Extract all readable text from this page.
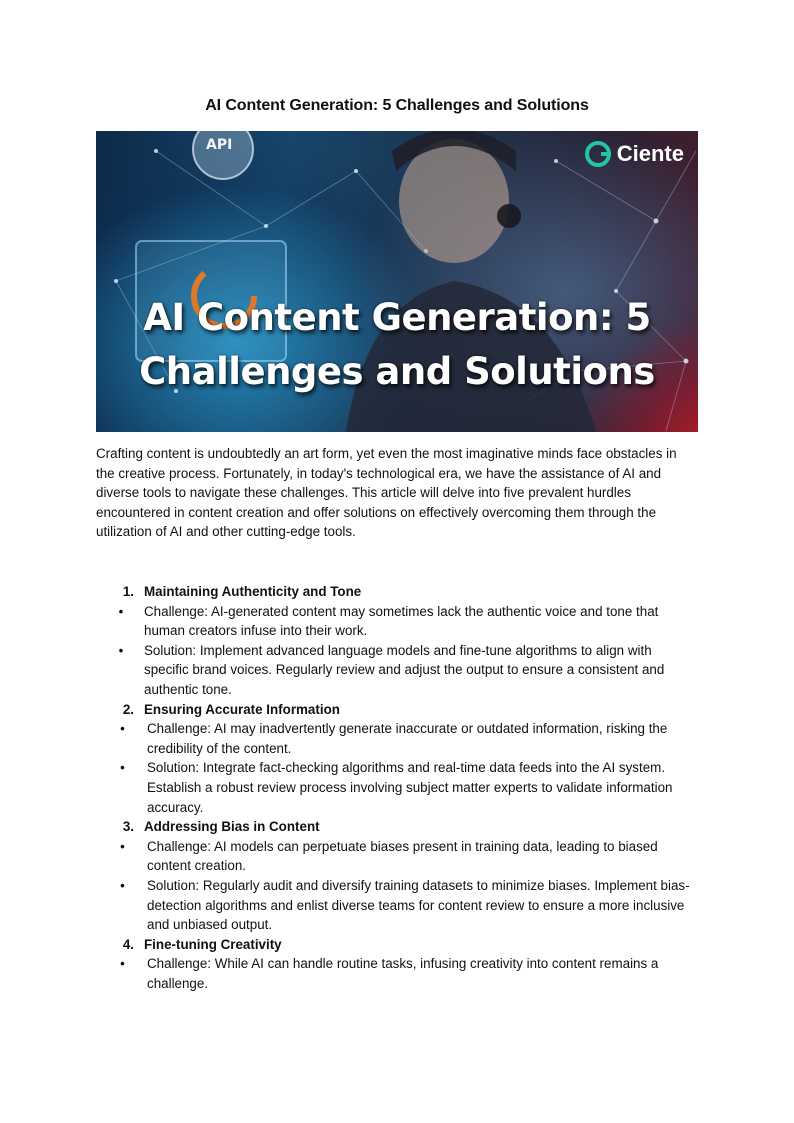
AI Content Generation: 5 Challenges and Solutions
API	Ciente
AI Content Generation: 5
Challenges and Solutions

Crafting content is undoubtedly an art form, yet even the most imaginative minds face obstacles in the creative process. Fortunately, in today's technological era, we have the assistance of AI and diverse tools to navigate these challenges. This article will delve into five prevalent hurdles encountered in content creation and offer solutions on effectively overcoming them through the utilization of AI and other cutting-edge tools.

1. Maintaining Authenticity and Tone
•	Challenge: AI-generated content may sometimes lack the authentic voice and tone that human creators infuse into their work.
•	Solution: Implement advanced language models and fine-tune algorithms to align with specific brand voices. Regularly review and adjust the output to ensure a consistent and authentic tone.
2. Ensuring Accurate Information
•	Challenge: AI may inadvertently generate inaccurate or outdated information, risking the credibility of the content.
•	Solution: Integrate fact-checking algorithms and real-time data feeds into the AI system. Establish a robust review process involving subject matter experts to validate information accuracy.
3. Addressing Bias in Content
•	Challenge: AI models can perpetuate biases present in training data, leading to biased content creation.
•	Solution: Regularly audit and diversify training datasets to minimize biases. Implement bias-detection algorithms and enlist diverse teams for content review to ensure a more inclusive and unbiased output.
4. Fine-tuning Creativity
•	Challenge: While AI can handle routine tasks, infusing creativity into content remains a challenge.
